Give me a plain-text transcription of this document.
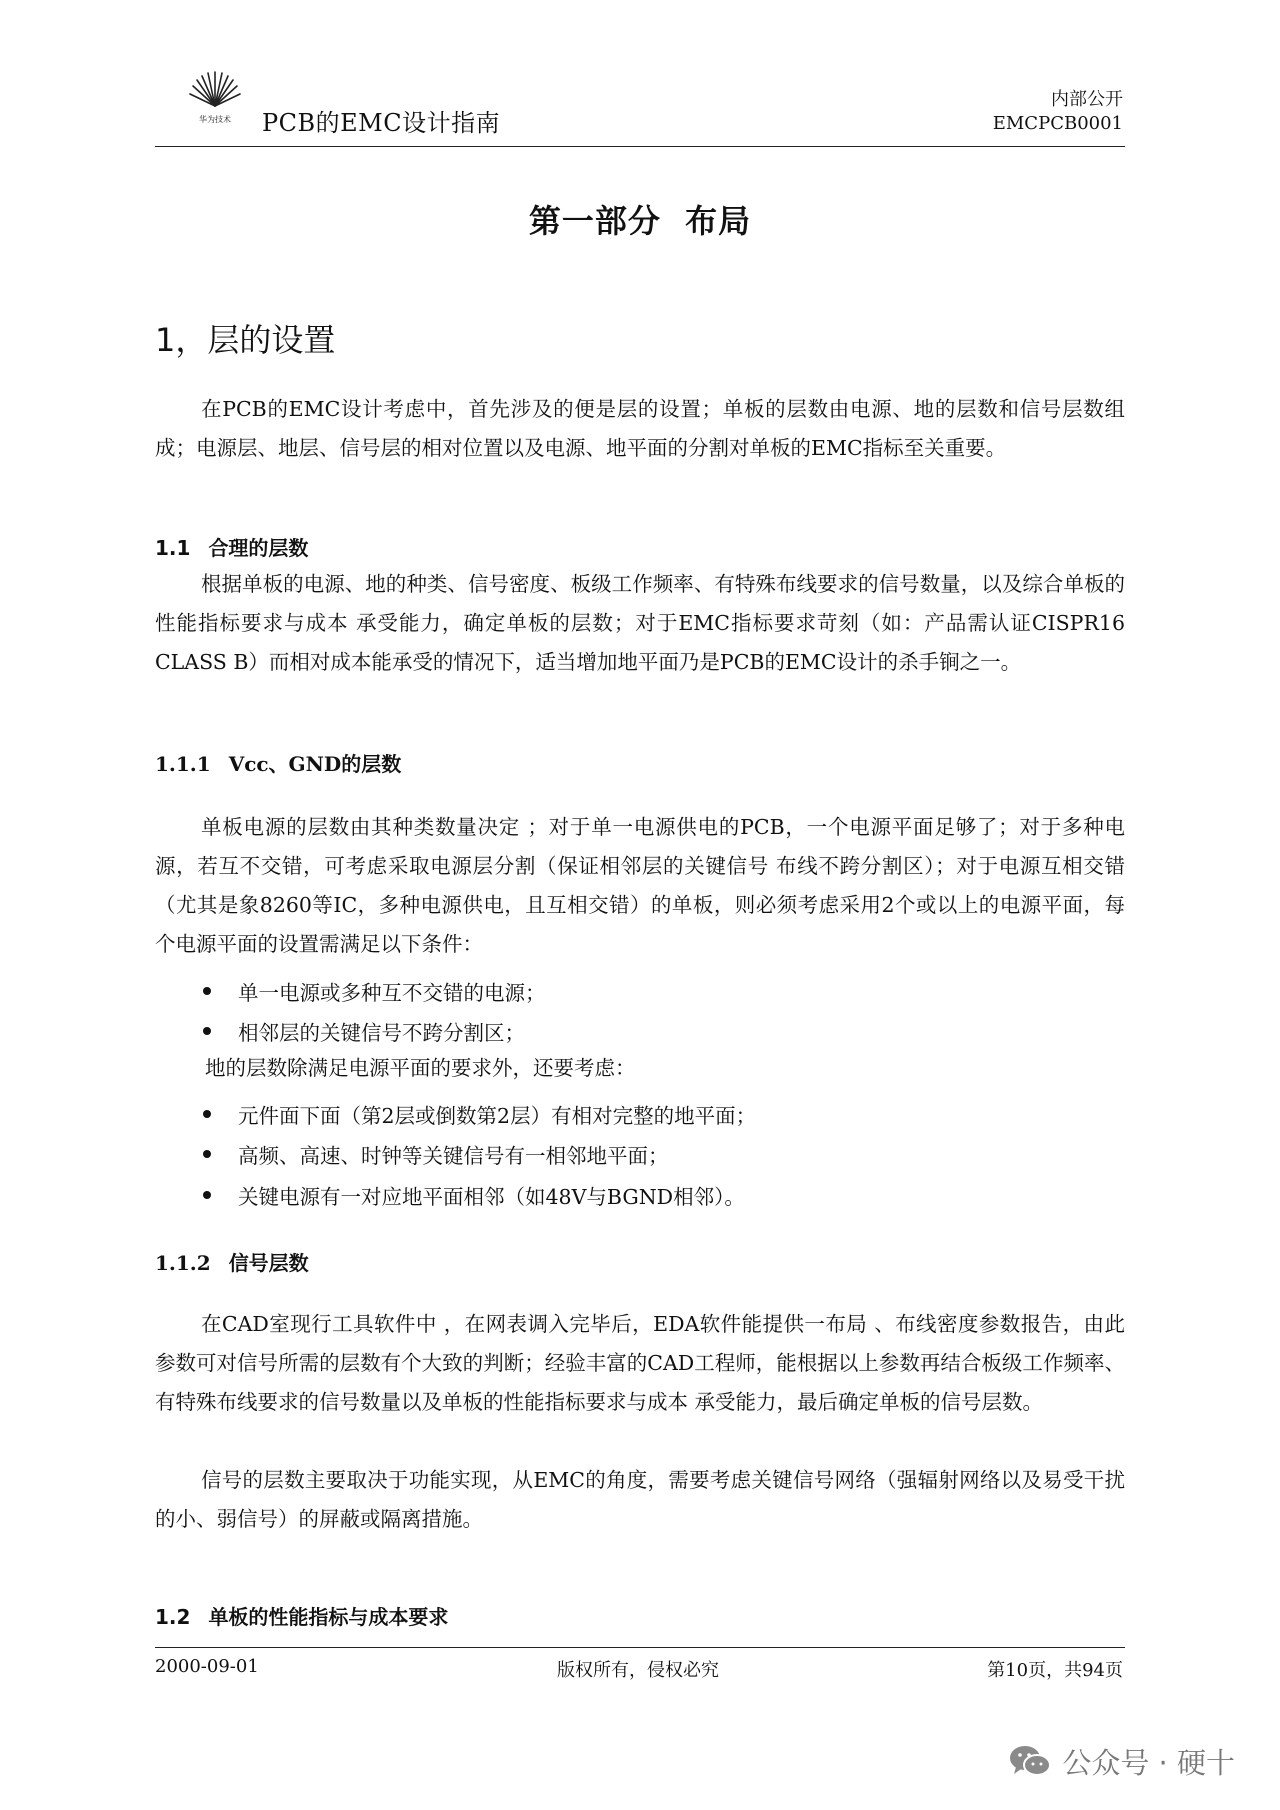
华为技术 PCB的EMC设计指南
内部公开
EMCPCB0001
第一部分  布局
1，层的设置

在PCB的EMC设计考虑中，首先涉及的便是层的设置；单板的层数由电源、地的层数和信号层数组成；电源层、地层、信号层的相对位置以及电源、地平面的分割对单板的EMC指标至关重要。

1.1 合理的层数

根据单板的电源、地的种类、信号密度、板级工作频率、有特殊布线要求的信号数量，以及综合单板的性能指标要求与成本 承受能力，确定单板的层数；对于EMC指标要求苛刻（如：产品需认证CISPR16 CLASS B）而相对成本能承受的情况下，适当增加地平面乃是PCB的EMC设计的杀手锏之一。

1.1.1 Vcc、GND的层数

单板电源的层数由其种类数量决定 ；对于单一电源供电的PCB，一个电源平面足够了；对于多种电源，若互不交错，可考虑采取电源层分割（保证相邻层的关键信号 布线不跨分割区）；对于电源互相交错（尤其是象8260等IC，多种电源供电，且互相交错）的单板，则必须考虑采用2个或以上的电源平面，每个电源平面的设置需满足以下条件：

单一电源或多种互不交错的电源；
相邻层的关键信号不跨分割区；
地的层数除满足电源平面的要求外，还要考虑：
元件面下面（第2层或倒数第2层）有相对完整的地平面；
高频、高速、时钟等关键信号有一相邻地平面；
关键电源有一对应地平面相邻（如48V与BGND相邻）。
1.1.2 信号层数

在CAD室现行工具软件中 ，在网表调入完毕后，EDA软件能提供一布局 、布线密度参数报告，由此参数可对信号所需的层数有个大致的判断；经验丰富的CAD工程师，能根据以上参数再结合板级工作频率、有特殊布线要求的信号数量以及单板的性能指标要求与成本 承受能力，最后确定单板的信号层数。

信号的层数主要取决于功能实现，从EMC的角度，需要考虑关键信号网络（强辐射网络以及易受干扰的小、弱信号）的屏蔽或隔离措施。

1.2 单板的性能指标与成本要求
2000-09-01	版权所有，侵权必究	第10页，共94页
公众号 · 硬十
